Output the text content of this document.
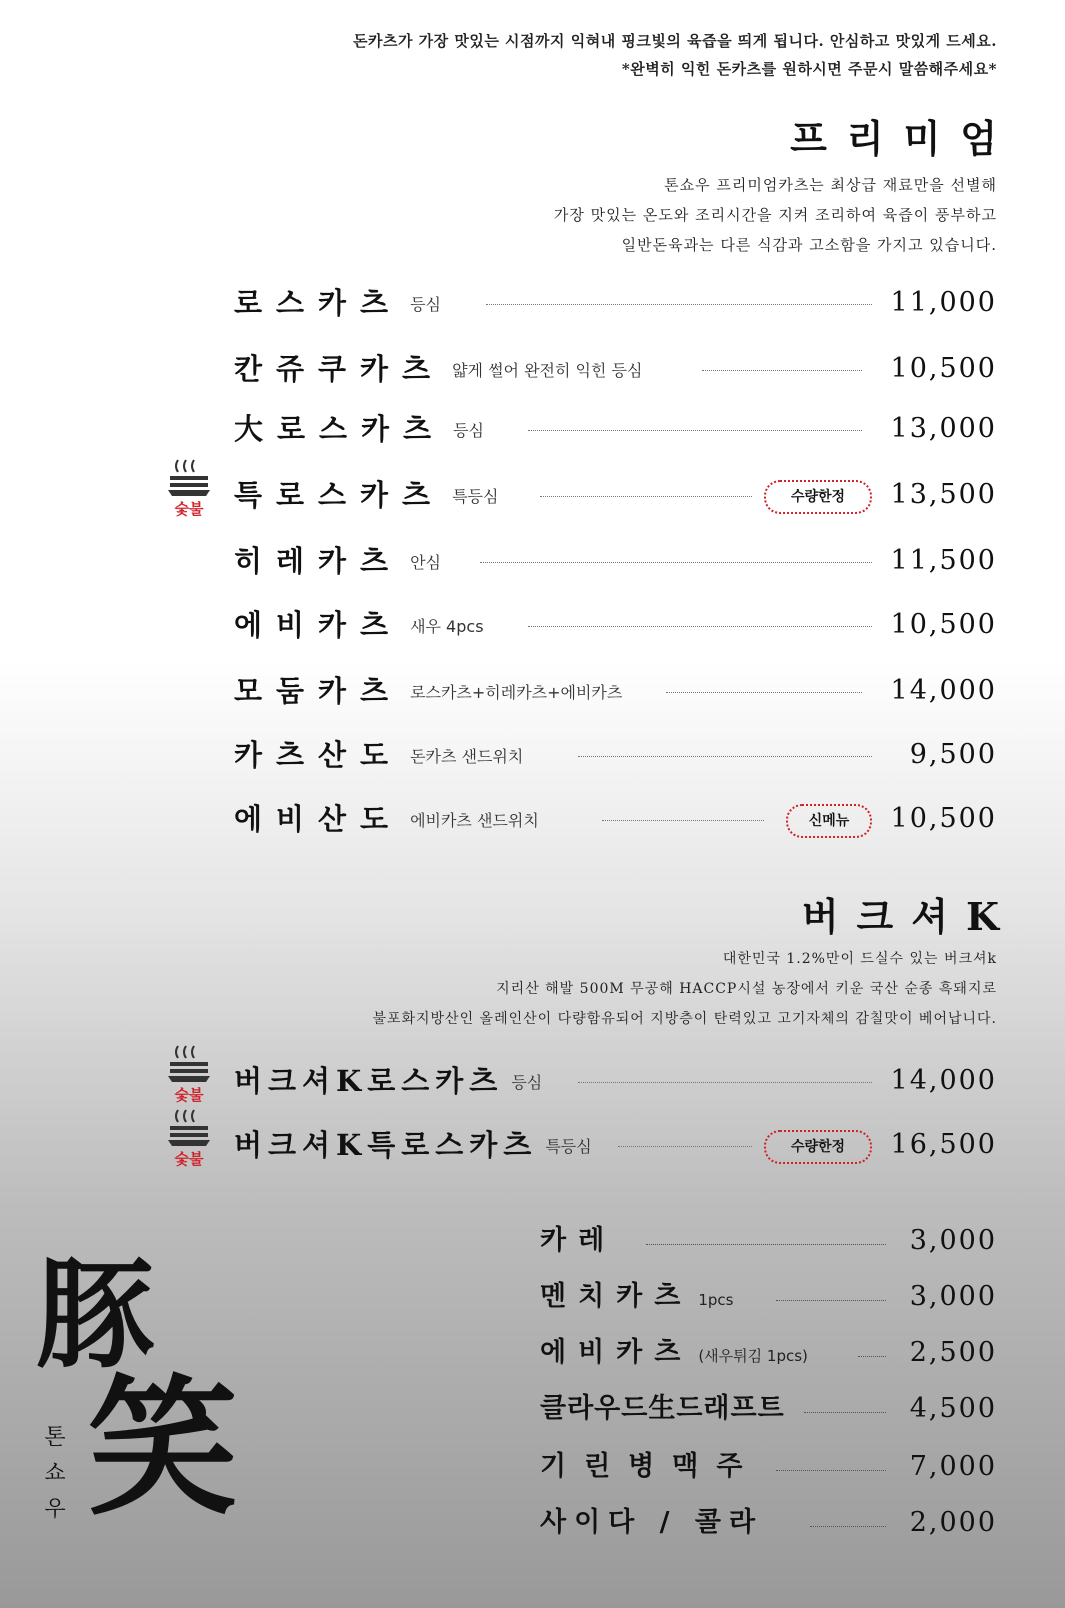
돈카츠가 가장 맛있는 시점까지 익혀내 핑크빛의 육즙을 띄게 됩니다. 안심하고 맛있게 드세요.
*완벽히 익힌 돈카츠를 원하시면 주문시 말씀해주세요*
프리미엄
톤쇼우 프리미엄카츠는 최상급 재료만을 선별해
가장 맛있는 온도와 조리시간을 지켜 조리하여 육즙이 풍부하고
일반돈육과는 다른 식감과 고소함을 가지고 있습니다.
로스카츠 등심	11,000
칸쥬쿠카츠 얇게 썰어 완전히 익힌 등심	10,500
大로스카츠 등심	13,000
숯불 특로스카츠 특등심	수량한정	13,500
히레카츠 안심	11,500
에비카츠 새우 4pcs	10,500
모둠카츠 로스카츠+히레카츠+에비카츠	14,000
카츠산도 돈카츠 샌드위치	9,500
에비산도 에비카츠 샌드위치	신메뉴	10,500
버크셔K
대한민국 1.2%만이 드실수 있는 버크셔k
지리산 해발 500M 무공해 HACCP시설 농장에서 키운 국산 순종 흑돼지로
불포화지방산인 올레인산이 다량함유되어 지방층이 탄력있고 고기자체의 감칠맛이 베어납니다.
숯불 버크셔K로스카츠 등심	14,000
숯불 버크셔K특로스카츠 특등심	수량한정	16,500
카레	3,000
멘치카츠 1pcs	3,000
에비카츠 (새우튀김 1pcs)	2,500
클라우드生드래프트	4,500
기린병맥주	7,000
사이다 / 콜라	2,000
豚
笑
톤
쇼
우
